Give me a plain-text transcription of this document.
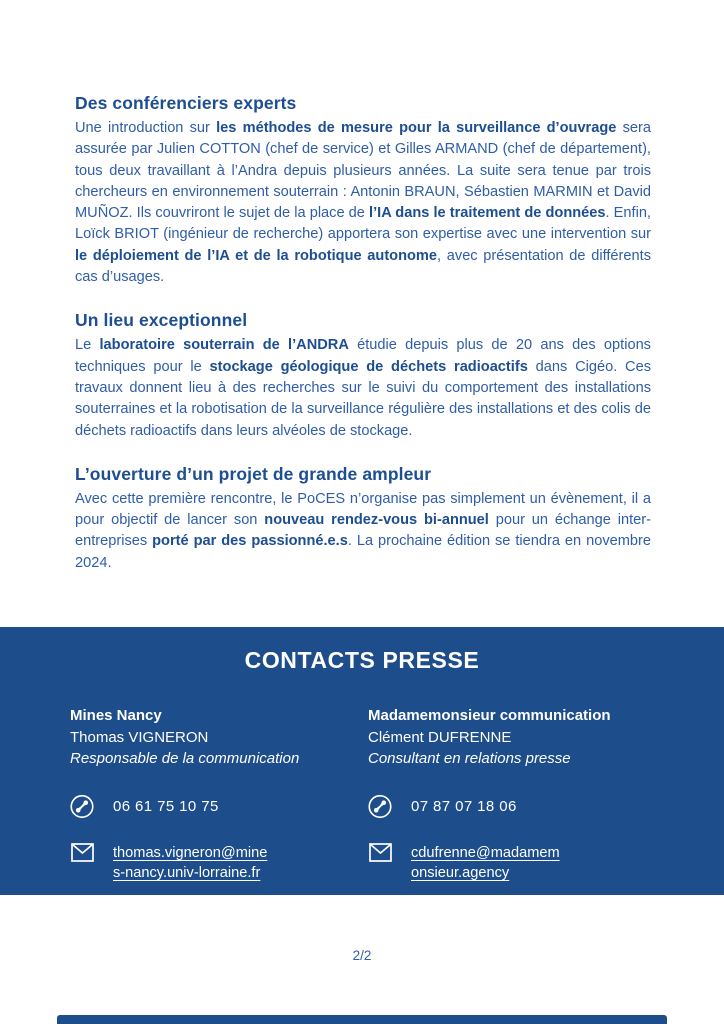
Des conférenciers experts

Une introduction sur les méthodes de mesure pour la surveillance d’ouvrage sera assurée par Julien COTTON (chef de service) et Gilles ARMAND (chef de département), tous deux travaillant à l’Andra depuis plusieurs années. La suite sera tenue par trois chercheurs en environnement souterrain : Antonin BRAUN, Sébastien MARMIN et David MUÑOZ. Ils couvriront le sujet de la place de l’IA dans le traitement de données. Enfin, Loïck BRIOT (ingénieur de recherche) apportera son expertise avec une intervention sur le déploiement de l’IA et de la robotique autonome, avec présentation de différents cas d’usages.

Un lieu exceptionnel

Le laboratoire souterrain de l’ANDRA étudie depuis plus de 20 ans des options techniques pour le stockage géologique de déchets radioactifs dans Cigéo. Ces travaux donnent lieu à des recherches sur le suivi du comportement des installations souterraines et la robotisation de la surveillance régulière des installations et des colis de déchets radioactifs dans leurs alvéoles de stockage.

L’ouverture d’un projet de grande ampleur

Avec cette première rencontre, le PoCES n’organise pas simplement un évènement, il a pour objectif de lancer son nouveau rendez-vous bi-annuel pour un échange inter-entreprises porté par des passionné.e.s. La prochaine édition se tiendra en novembre 2024.

CONTACTS PRESSE

Mines Nancy

Thomas VIGNERON

Responsable de la communication

06 61 75 10 75
thomas.vigneron@mine
s-nancy.univ-lorraine.fr

Madamemonsieur communication

Clément DUFRENNE

Consultant en relations presse

07 87 07 18 06
cdufrenne@madamem
onsieur.agency
2/2
